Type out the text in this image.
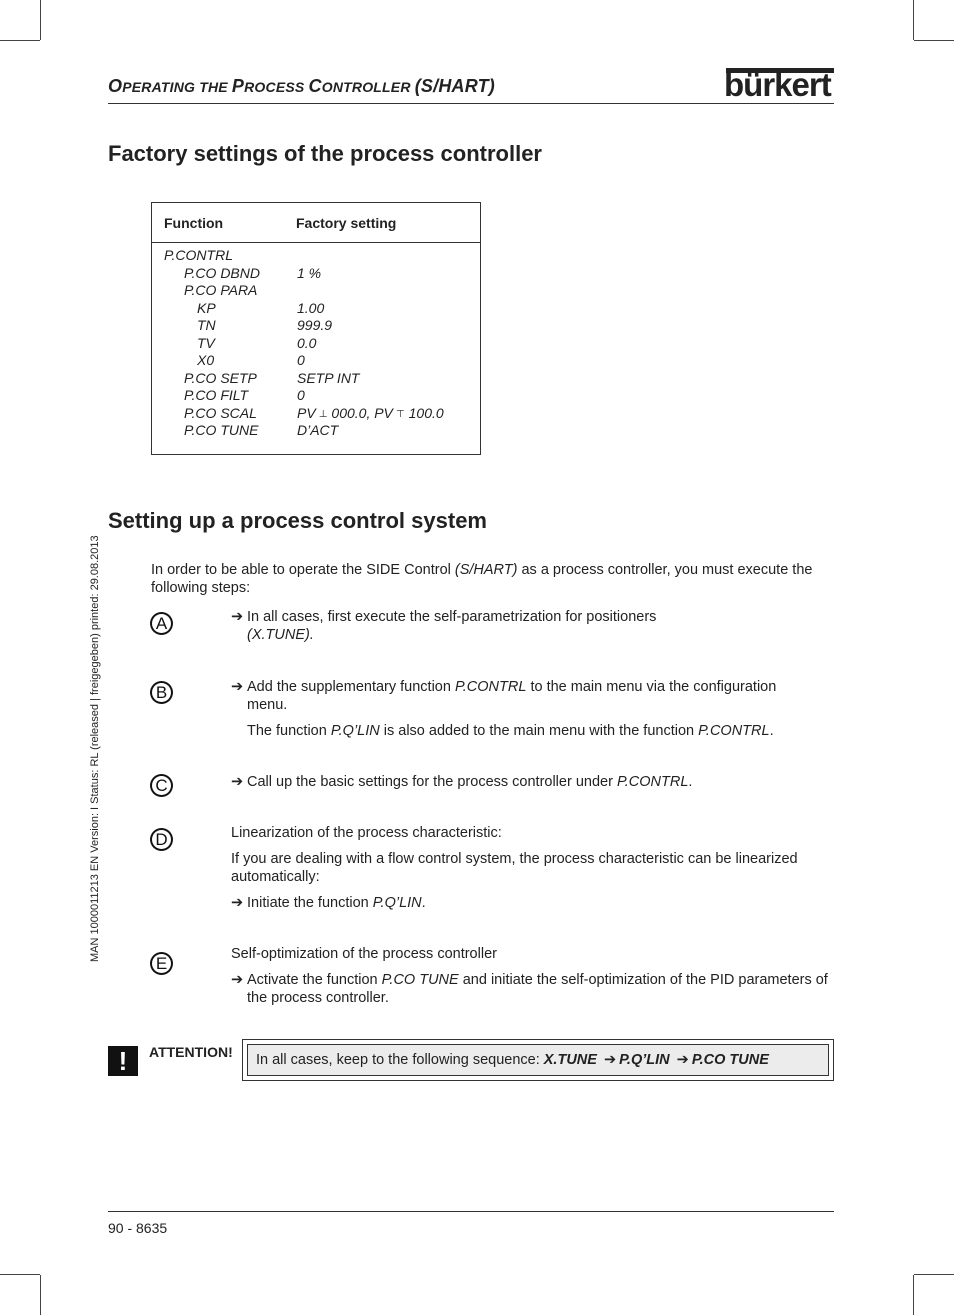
OPERATING THE PROCESS CONTROLLER (S/HART)	bürkert
Factory settings of the process controller
Function	Factory setting
P.CONTRL
P.CO DBND	1 %
P.CO PARA
KP	1.00
TN	999.9
TV	0.0
X0	0
P.CO SETP	SETP INT
P.CO FILT	0
P.CO SCAL	PV ⊥ 000.0, PV ⊤ 100.0
P.CO TUNE	D’ACT
MAN 1000011213 EN Version: I Status: RL (released | freigegeben) printed: 29.08.2013
Setting up a process control system
In order to be able to operate the SIDE Control (S/HART) as a process controller, you must execute the following steps:
A	➔ In all cases, first execute the self-parametrization for positioners
(X.TUNE).
B	➔ Add the supplementary function P.CONTRL to the main menu via the configuration menu.
The function P.Q’LIN is also added to the main menu with the function P.CONTRL.
C	➔ Call up the basic settings for the process controller under P.CONTRL.
D	Linearization of the process characteristic:
If you are dealing with a flow control system, the process characteristic can be linearized automatically:
➔ Initiate the function P.Q’LIN.
E	Self-optimization of the process controller
➔ Activate the function P.CO TUNE and initiate the self-optimization of the PID parameters of the process controller.
!	ATTENTION! In all cases, keep to the following sequence: X.TUNE ➔ P.Q’LIN ➔ P.CO TUNE
90 - 8635
